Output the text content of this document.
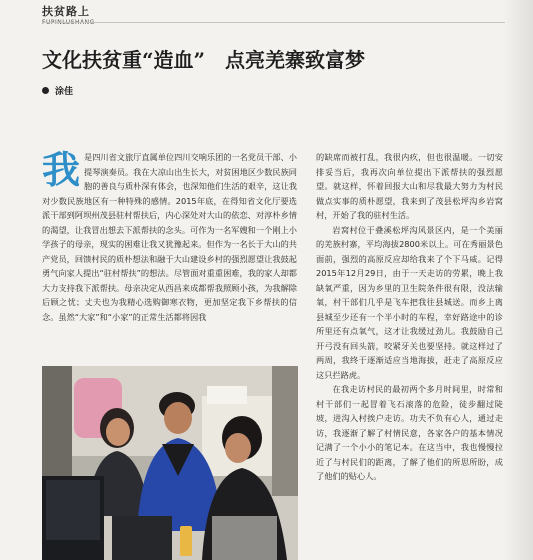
扶贫路上
FUPINLUSHANG
文化扶贫重“造血”　点亮羌寨致富梦
涂佳

我是四川省文旅厅直属单位四川交响乐团的一名党员干部、小提琴演奏员。我在大凉山出生长大，对贫困地区少数民族同胞的善良与质朴深有体会，也深知他们生活的艰辛，这让我对少数民族地区有一种特殊的感情。2015年底，在得知省文化厅要选派干部到阿坝州茂县驻村帮扶后，内心深处对大山的依恋、对淳朴乡情的渴望，让我冒出想去下派帮扶的念头。可作为一名军嫂和一个刚上小学孩子的母亲，现实的困难让我又犹豫起来。但作为一名长于大山的共产党员，回馈村民的质朴想法和融于大山建设乡村的强烈愿望让我鼓起勇气向家人提出“驻村帮扶”的想法。尽管面对重重困难，我的家人却都大力支持我下派帮扶。母亲决定从西昌来成都帮我照顾小孩，为我解除后顾之忧；丈夫也为我精心选购御寒衣物，更加坚定我下乡帮扶的信念。虽然“大家”和“小家”的正常生活都将因我

的缺席而被打乱，我很内疚，但也很温暖。一切安排妥当后，我再次向单位提出下派帮扶的强烈愿望。就这样，怀着回报大山和尽我最大努力为村民做点实事的质朴愿望，我来到了茂县松坪沟乡岩窝村，开始了我的驻村生活。

岩窝村位于叠溪松坪沟风景区内，是一个美丽的羌族村寨，平均海拔2800米以上。可在秀丽景色面前，强烈的高原反应却给我来了个下马威。记得2015年12月29日，由于一天走访的劳累，晚上我缺氧严重，因为乡里的卫生院条件很有限，没法输氧，村干部们几乎是飞车把我往县城送。而乡上离县城至少还有一个半小时的车程，幸好路途中的诊所里还有点氧气，这才让我缓过劲儿。我鼓励自己开弓没有回头箭，咬紧牙关也要坚持。就这样过了两周，我终于逐渐适应当地海拔，赶走了高原反应这只拦路虎。

在我走访村民的最初两个多月时间里，时常和村干部们一起冒着飞石滚落的危险，徒步翻过陡坡，进沟入村挨户走访。功夫不负有心人，通过走访，我逐渐了解了村情民意，各家各户的基本情况记满了一个小小的笔记本。在这当中，我也慢慢拉近了与村民们的距离，了解了他们的所思所盼，成了他们的贴心人。
